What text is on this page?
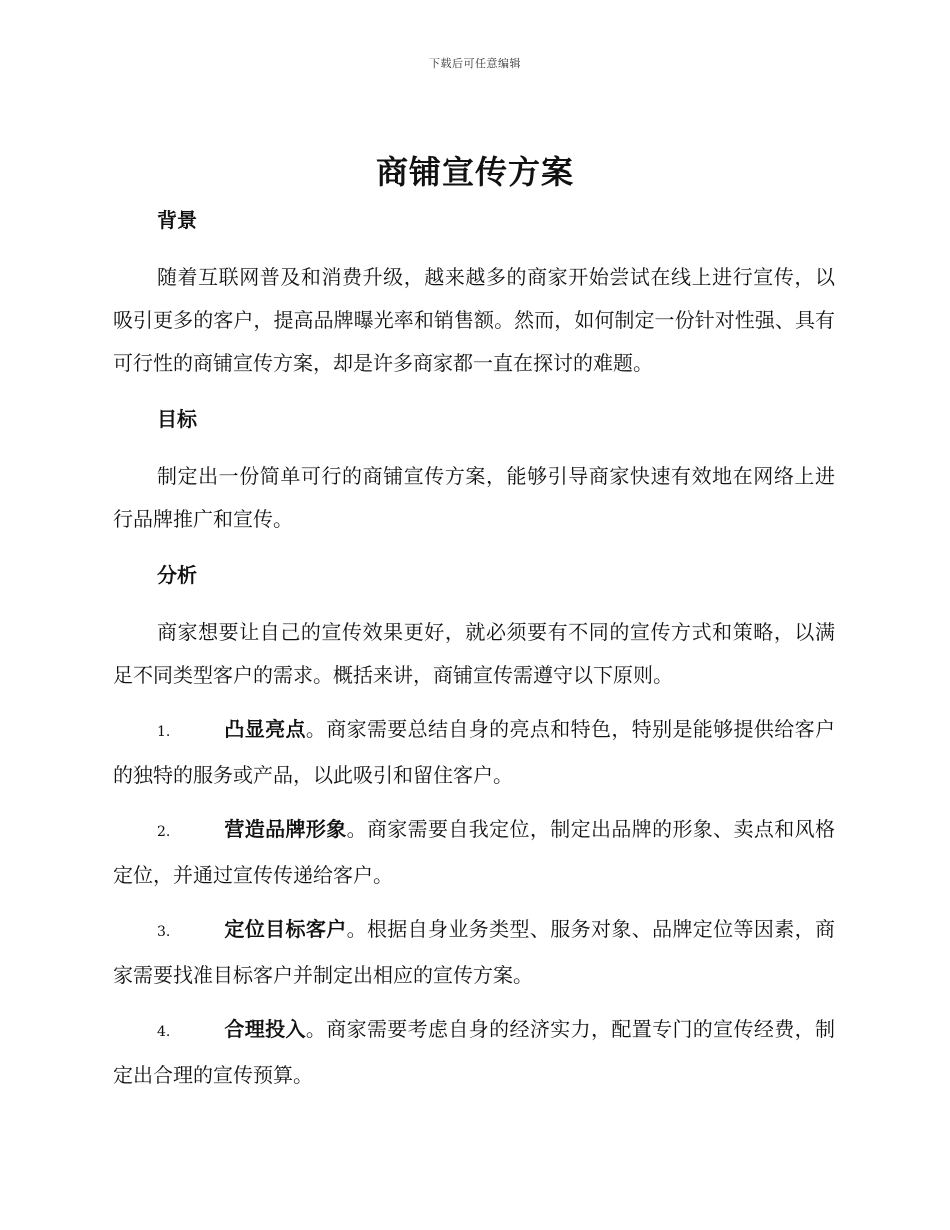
下载后可任意编辑
商铺宣传方案
背景

随着互联网普及和消费升级，越来越多的商家开始尝试在线上进行宣传，以吸引更多的客户，提高品牌曝光率和销售额。然而，如何制定一份针对性强、具有可行性的商铺宣传方案，却是许多商家都一直在探讨的难题。

目标

制定出一份简单可行的商铺宣传方案，能够引导商家快速有效地在网络上进行品牌推广和宣传。

分析

商家想要让自己的宣传效果更好，就必须要有不同的宣传方式和策略，以满足不同类型客户的需求。概括来讲，商铺宣传需遵守以下原则。

1.	凸显亮点。商家需要总结自身的亮点和特色，特别是能够提供给客户的独特的服务或产品，以此吸引和留住客户。

2.	营造品牌形象。商家需要自我定位，制定出品牌的形象、卖点和风格定位，并通过宣传传递给客户。

3.	定位目标客户。根据自身业务类型、服务对象、品牌定位等因素，商家需要找准目标客户并制定出相应的宣传方案。

4.	合理投入。商家需要考虑自身的经济实力，配置专门的宣传经费，制定出合理的宣传预算。
